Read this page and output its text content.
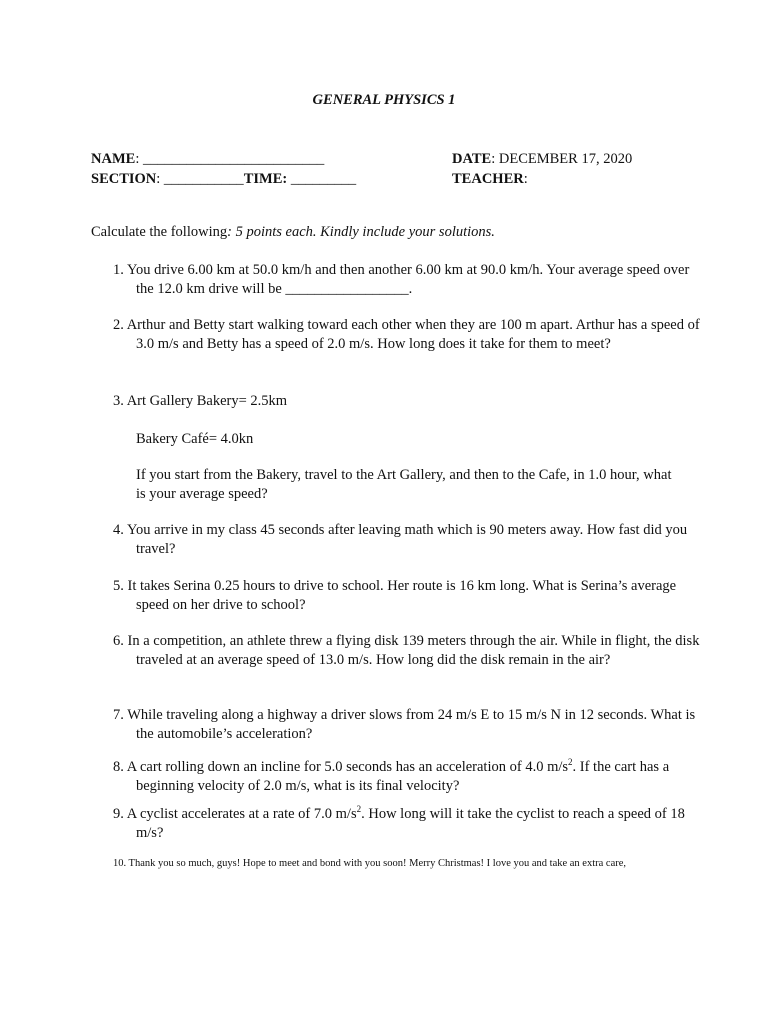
GENERAL PHYSICS 1
NAME: _________________________
SECTION: ___________TIME: _________
DATE: DECEMBER 17, 2020
TEACHER:
Calculate the following: 5 points each. Kindly include your solutions.
1. You drive 6.00 km at 50.0 km/h and then another 6.00 km at 90.0 km/h. Your average speed over the 12.0 km drive will be _________________.
2. Arthur and Betty start walking toward each other when they are 100 m apart. Arthur has a speed of 3.0 m/s and Betty has a speed of 2.0 m/s. How long does it take for them to meet?
3. Art Gallery Bakery= 2.5km
Bakery Café= 4.0kn
If you start from the Bakery, travel to the Art Gallery, and then to the Cafe, in 1.0 hour, what is your average speed?
4. You arrive in my class 45 seconds after leaving math which is 90 meters away. How fast did you travel?
5. It takes Serina 0.25 hours to drive to school. Her route is 16 km long. What is Serina’s average speed on her drive to school?
6. In a competition, an athlete threw a flying disk 139 meters through the air. While in flight, the disk traveled at an average speed of 13.0 m/s. How long did the disk remain in the air?
7. While traveling along a highway a driver slows from 24 m/s E to 15 m/s N in 12 seconds. What is the automobile’s acceleration?
8. A cart rolling down an incline for 5.0 seconds has an acceleration of 4.0 $m/s^2$. If the cart has a beginning velocity of 2.0 m/s, what is its final velocity?
9. A cyclist accelerates at a rate of 7.0 $m/s^2$. How long will it take the cyclist to reach a speed of 18 m/s?
10. Thank you so much, guys! Hope to meet and bond with you soon! Merry Christmas! I love you and take an extra care,
